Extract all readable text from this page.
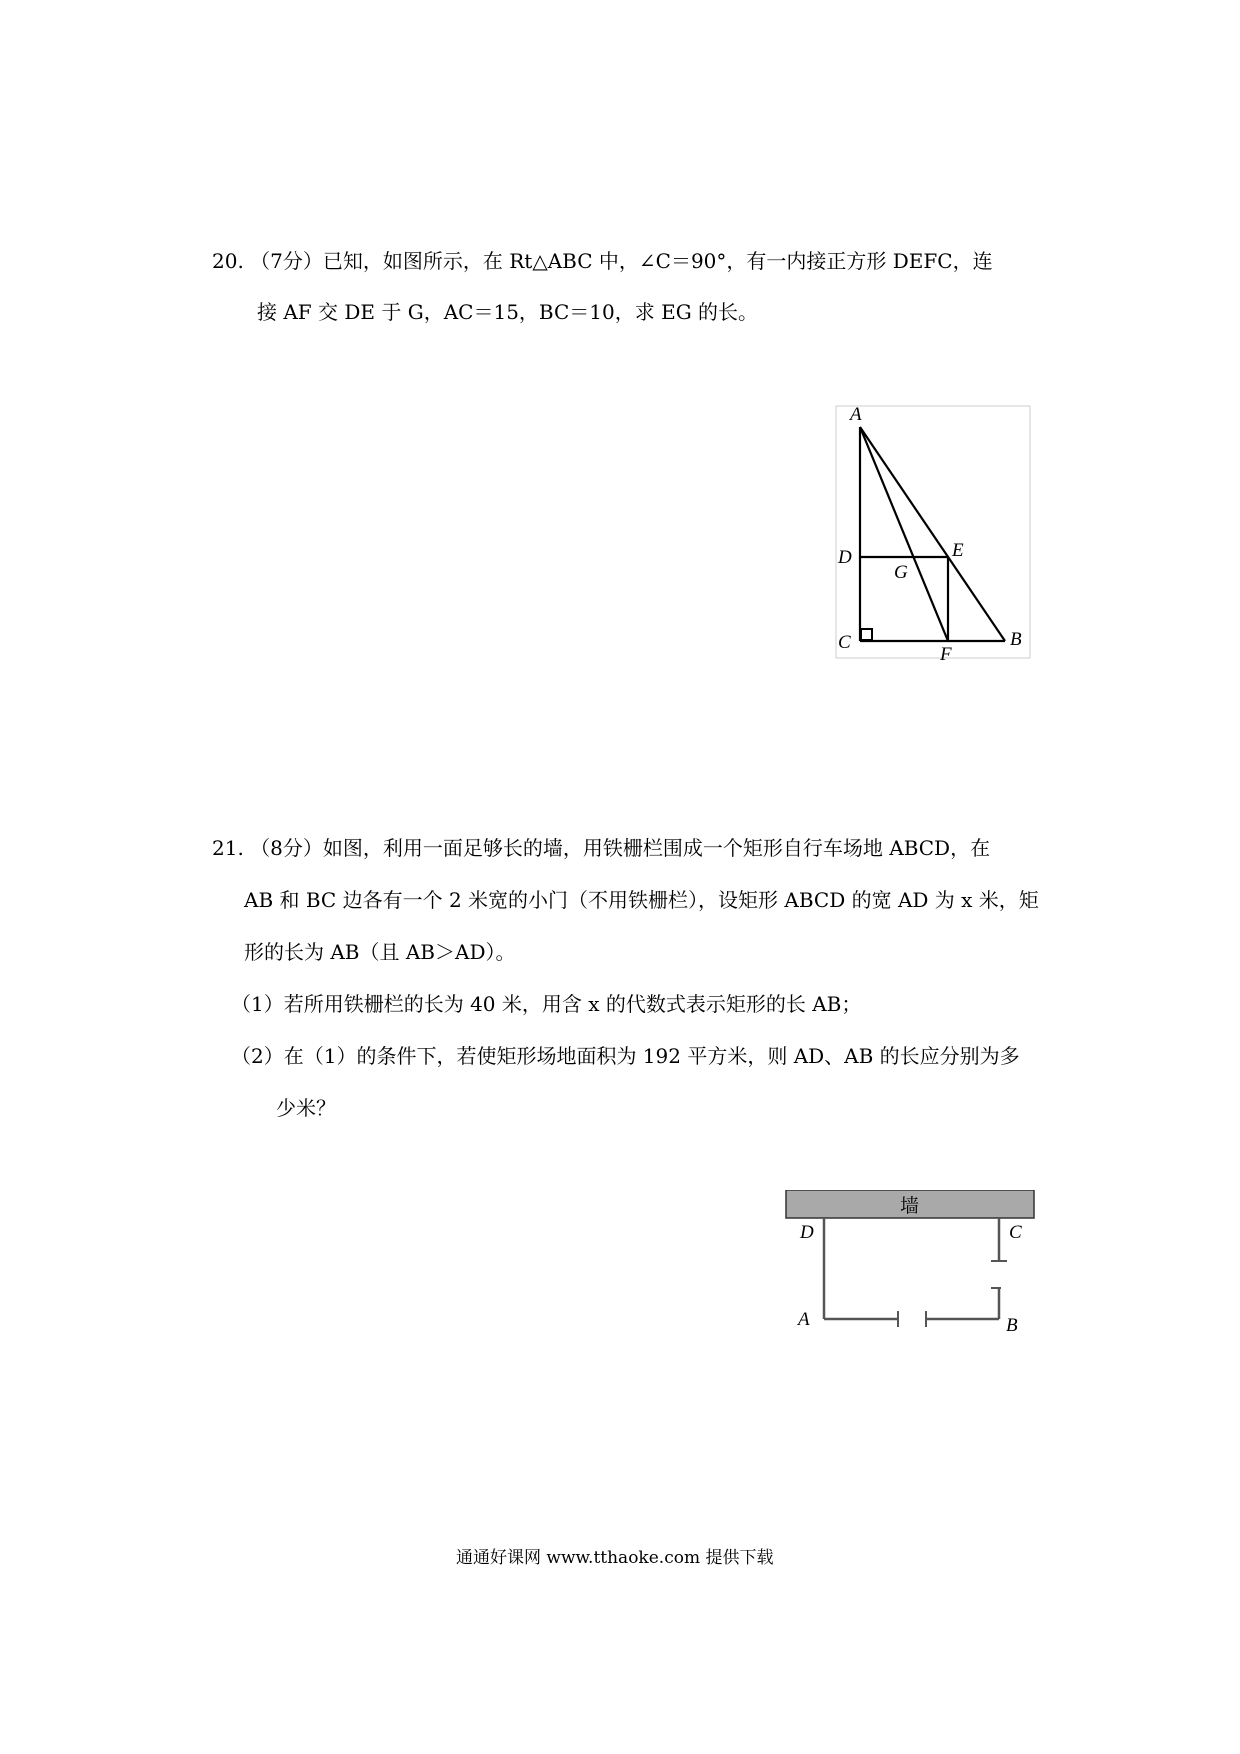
20. （7分）已知，如图所示，在 Rt△ABC 中，∠C＝90°，有一内接正方形 DEFC，连
接 AF 交 DE 于 G，AC＝15，BC＝10，求 EG 的长。
A
D	E
G
C
F
B
21. （8分）如图，利用一面足够长的墙，用铁栅栏围成一个矩形自行车场地 ABCD，在
AB 和 BC 边各有一个 2 米宽的小门（不用铁栅栏），设矩形 ABCD 的宽 AD 为 x 米，矩
形的长为 AB（且 AB＞AD）。
（1）若所用铁栅栏的长为 40 米，用含 x 的代数式表示矩形的长 AB；
（2）在（1）的条件下，若使矩形场地面积为 192 平方米，则 AD、AB 的长应分别为多
少米？
墙
D	C
A	B
通通好课网 www.tthaoke.com 提供下载
